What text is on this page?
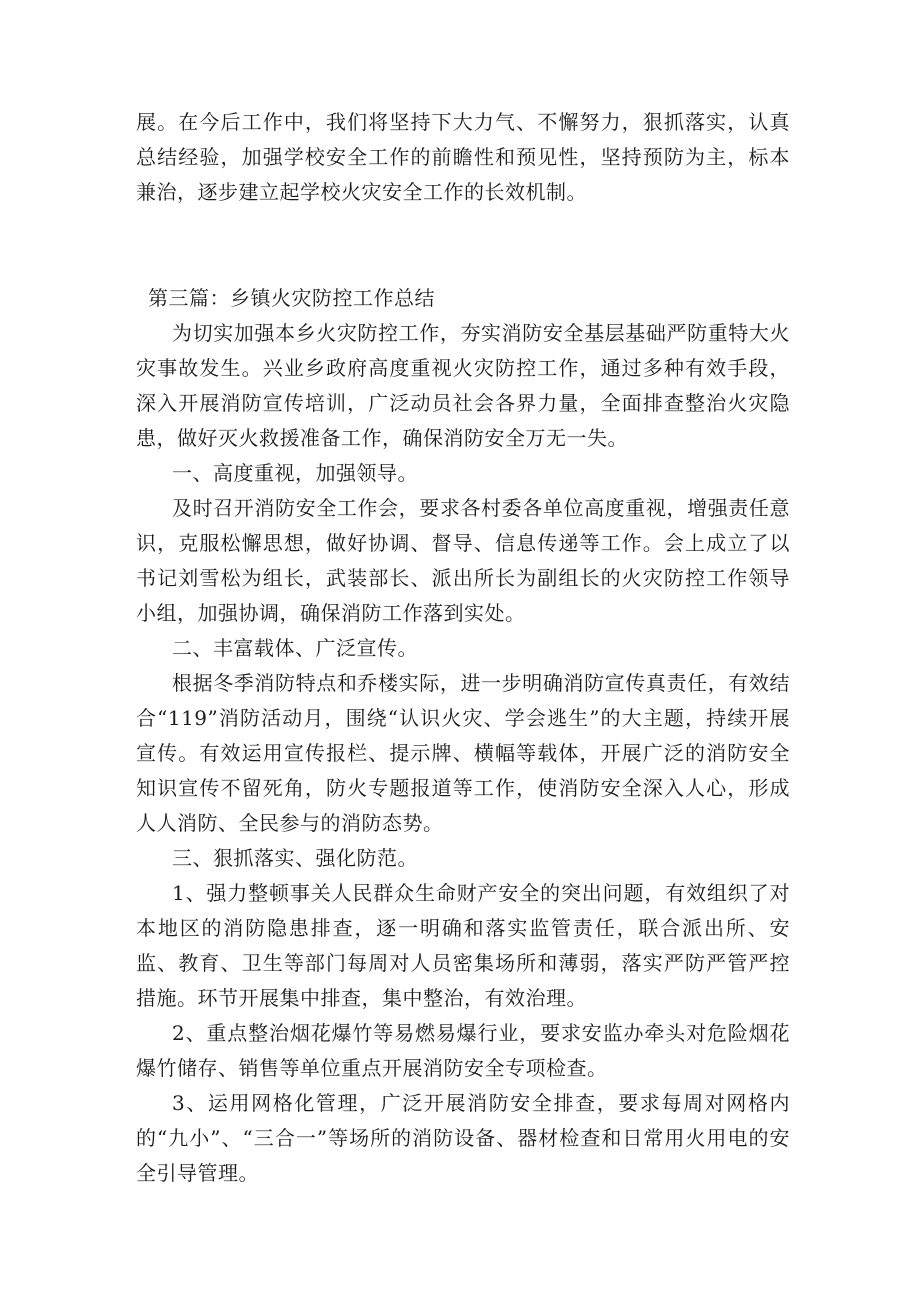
展。在今后工作中，我们将坚持下大力气、不懈努力，狠抓落实，认真总结经验，加强学校安全工作的前瞻性和预见性，坚持预防为主，标本兼治，逐步建立起学校火灾安全工作的长效机制。

第三篇：乡镇火灾防控工作总结

为切实加强本乡火灾防控工作，夯实消防安全基层基础严防重特大火灾事故发生。兴业乡政府高度重视火灾防控工作，通过多种有效手段，深入开展消防宣传培训，广泛动员社会各界力量，全面排查整治火灾隐患，做好灭火救援准备工作，确保消防安全万无一失。

一、高度重视，加强领导。

及时召开消防安全工作会，要求各村委各单位高度重视，增强责任意识，克服松懈思想，做好协调、督导、信息传递等工作。会上成立了以书记刘雪松为组长，武装部长、派出所长为副组长的火灾防控工作领导小组，加强协调，确保消防工作落到实处。

二、丰富载体、广泛宣传。

根据冬季消防特点和乔楼实际，进一步明确消防宣传真责任，有效结合“119”消防活动月，围绕“认识火灾、学会逃生”的大主题，持续开展宣传。有效运用宣传报栏、提示牌、横幅等载体，开展广泛的消防安全知识宣传不留死角，防火专题报道等工作，使消防安全深入人心，形成人人消防、全民参与的消防态势。

三、狠抓落实、强化防范。

1、强力整顿事关人民群众生命财产安全的突出问题，有效组织了对本地区的消防隐患排查，逐一明确和落实监管责任，联合派出所、安监、教育、卫生等部门每周对人员密集场所和薄弱，落实严防严管严控措施。环节开展集中排查，集中整治，有效治理。

2、重点整治烟花爆竹等易燃易爆行业，要求安监办牵头对危险烟花爆竹储存、销售等单位重点开展消防安全专项检查。

3、运用网格化管理，广泛开展消防安全排查，要求每周对网格内的“九小”、“三合一”等场所的消防设备、器材检查和日常用火用电的安全引导管理。
